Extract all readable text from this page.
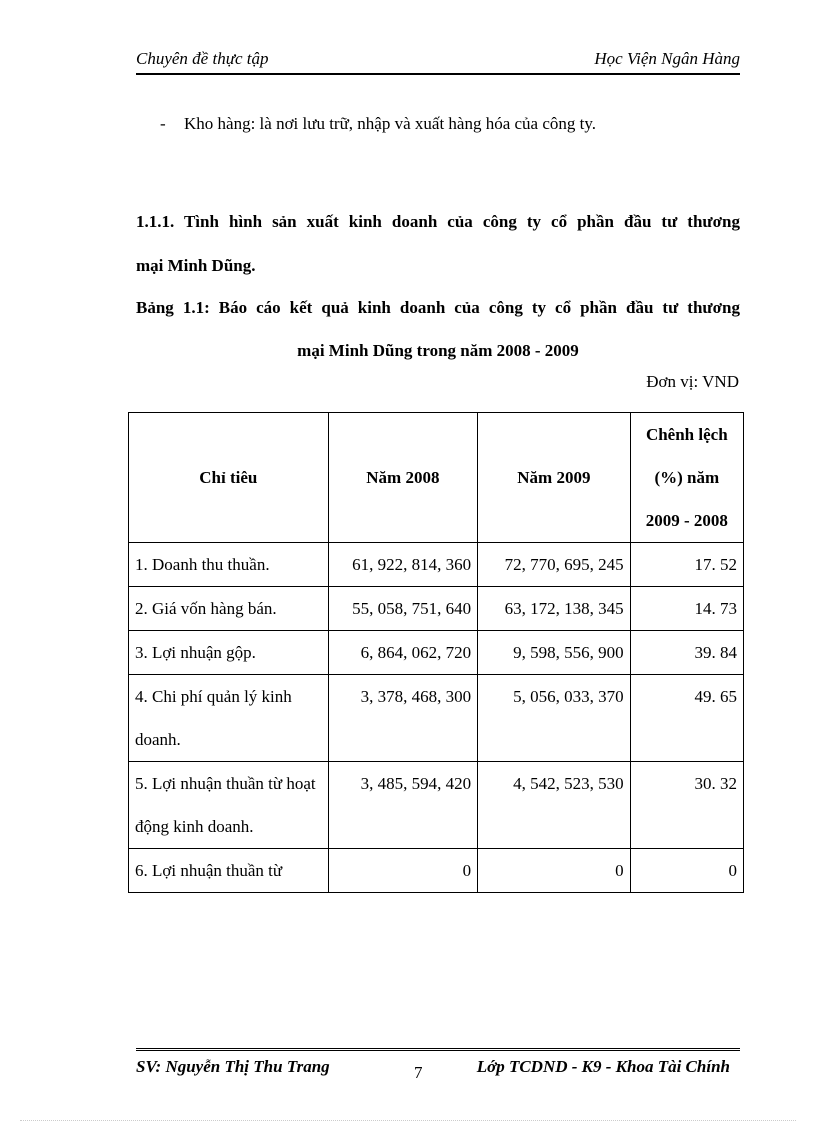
Chuyên đề thực tập	Học Viện Ngân Hàng
- Kho hàng: là nơi lưu trữ, nhập và xuất hàng hóa của công ty.
1.1.1. Tình hình sản xuất kinh doanh của công ty cổ phần đầu tư thương
mại Minh Dũng.
Bảng 1.1: Báo cáo kết quả kinh doanh của công ty cổ phần đầu tư thương
mại Minh Dũng trong năm 2008 - 2009
Đơn vị: VND
Chỉ tiêu	Năm 2008	Năm 2009	Chênh lệch (%) năm 2009 - 2008
1. Doanh thu thuần.	61, 922, 814, 360	72, 770, 695, 245	17. 52
2. Giá vốn hàng bán.	55, 058, 751, 640	63, 172, 138, 345	14. 73
3. Lợi nhuận gộp.	6, 864, 062, 720	9, 598, 556, 900	39. 84
4. Chi phí quản lý kinh doanh.	3, 378, 468, 300	5, 056, 033, 370	49. 65
5. Lợi nhuận thuần từ hoạt động kinh doanh.	3, 485, 594, 420	4, 542, 523, 530	30. 32
6. Lợi nhuận thuần từ	0	0	0
SV: Nguyễn Thị Thu Trang	7	Lớp TCDND - K9 - Khoa Tài Chính
